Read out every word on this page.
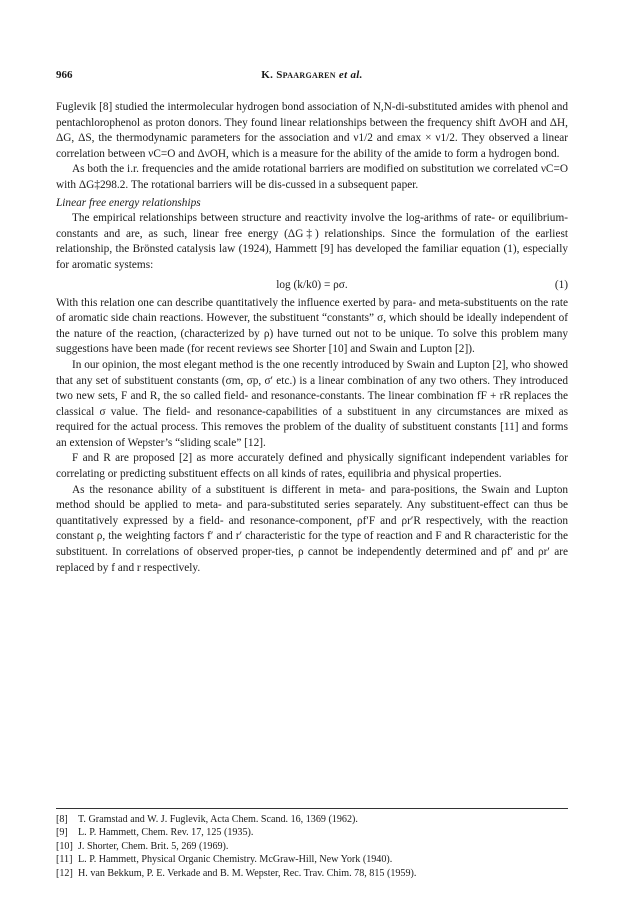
966	K. Spaargaren et al.

Fuglevik [8] studied the intermolecular hydrogen bond association of N,N-di-substituted amides with phenol and pentachlorophenol as proton donors. They found linear relationships between the frequency shift ΔνOH and ΔH, ΔG, ΔS, the thermodynamic parameters for the association and ν1/2 and εmax × ν1/2. They observed a linear correlation between νC=O and ΔνOH, which is a measure for the ability of the amide to form a hydrogen bond.

As both the i.r. frequencies and the amide rotational barriers are modified on substitution we correlated νC=O with ΔG‡298.2. The rotational barriers will be dis-cussed in a subsequent paper.

Linear free energy relationships

The empirical relationships between structure and reactivity involve the log-arithms of rate- or equilibrium-constants and are, as such, linear free energy (ΔG‡) relationships. Since the formulation of the earliest relationship, the Brönsted catalysis law (1924), Hammett [9] has developed the familiar equation (1), especially for aromatic systems:

log (k/k0) = ρσ.	(1)

With this relation one can describe quantitatively the influence exerted by para- and meta-substituents on the rate of aromatic side chain reactions. However, the substituent “constants” σ, which should be ideally independent of the nature of the reaction, (characterized by ρ) have turned out not to be unique. To solve this problem many suggestions have been made (for recent reviews see Shorter [10] and Swain and Lupton [2]).

In our opinion, the most elegant method is the one recently introduced by Swain and Lupton [2], who showed that any set of substituent constants (σm, σp, σ′ etc.) is a linear combination of any two others. They introduced two new sets, F and R, the so called field- and resonance-constants. The linear combination fF + rR replaces the classical σ value. The field- and resonance-capabilities of a substituent in any circumstances are mixed as required for the actual process. This removes the problem of the duality of substituent constants [11] and forms an extension of Wepster’s “sliding scale” [12].

F and R are proposed [2] as more accurately defined and physically significant independent variables for correlating or predicting substituent effects on all kinds of rates, equilibria and physical properties.

As the resonance ability of a substituent is different in meta- and para-positions, the Swain and Lupton method should be applied to meta- and para-substituted series separately. Any substituent-effect can thus be quantitatively expressed by a field- and resonance-component, ρf′F and ρr′R respectively, with the reaction constant ρ, the weighting factors f′ and r′ characteristic for the type of reaction and F and R characteristic for the substituent. In correlations of observed proper-ties, ρ cannot be independently determined and ρf′ and ρr′ are replaced by f and r respectively.

[8] T. Gramstad and W. J. Fuglevik, Acta Chem. Scand. 16, 1369 (1962).
[9] L. P. Hammett, Chem. Rev. 17, 125 (1935).
[10] J. Shorter, Chem. Brit. 5, 269 (1969).
[11] L. P. Hammett, Physical Organic Chemistry. McGraw-Hill, New York (1940).
[12] H. van Bekkum, P. E. Verkade and B. M. Wepster, Rec. Trav. Chim. 78, 815 (1959).
